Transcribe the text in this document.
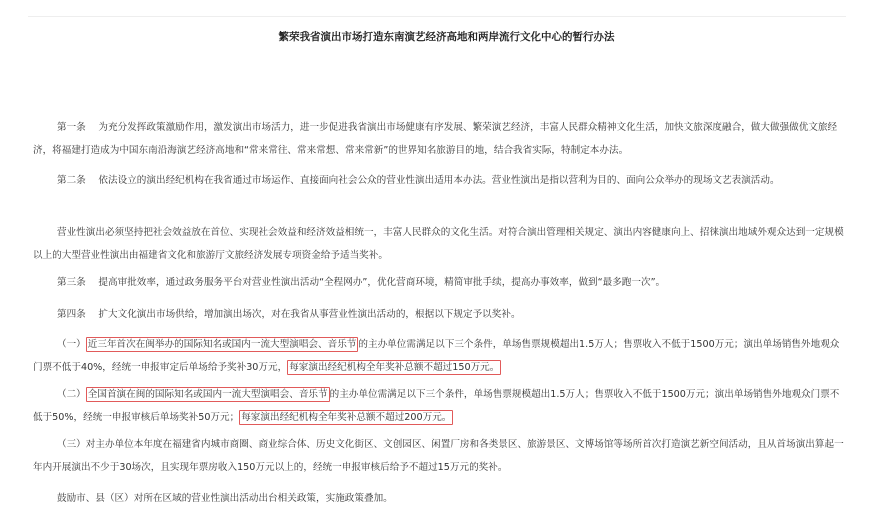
繁荣我省演出市场打造东南演艺经济高地和两岸流行文化中心的暂行办法

第一条　 为充分发挥政策激励作用，激发演出市场活力，进一步促进我省演出市场健康有序发展、繁荣演艺经济，丰富人民群众精神文化生活，加快文旅深度融合，做大做强做优文旅经济，将福建打造成为中国东南沿海演艺经济高地和“常来常往、常来常想、常来常新”的世界知名旅游目的地，结合我省实际，特制定本办法。

第二条　 依法设立的演出经纪机构在我省通过市场运作、直接面向社会公众的营业性演出适用本办法。营业性演出是指以营利为目的、面向公众举办的现场文艺表演活动。

营业性演出必须坚持把社会效益放在首位、实现社会效益和经济效益相统一，丰富人民群众的文化生活。对符合演出管理相关规定、演出内容健康向上、招徕演出地域外观众达到一定规模以上的大型营业性演出由福建省文化和旅游厅文旅经济发展专项资金给予适当奖补。

第三条　 提高审批效率，通过政务服务平台对营业性演出活动“全程网办”，优化营商环境，精简审批手续，提高办事效率，做到“最多跑一次”。

第四条　 扩大文化演出市场供给，增加演出场次，对在我省从事营业性演出活动的，根据以下规定予以奖补。

（一） 近三年首次在闽举办的国际知名或国内一流大型演唱会、音乐节 的主办单位需满足以下三个条件，单场售票规模超出1.5万人；售票收入不低于1500万元；演出单场销售外地观众门票不低于40%，经统一申报审定后单场给予奖补30万元， 每家演出经纪机构全年奖补总额不超过150万元。

（二） 全国首演在闽的国际知名或国内一流大型演唱会、音乐节 的主办单位需满足以下三个条件，单场售票规模超出1.5万人；售票收入不低于1500万元；演出单场销售外地观众门票不低于50%，经统一申报审核后单场奖补50万元； 每家演出经纪机构全年奖补总额不超过200万元。

（三）对主办单位本年度在福建省内城市商圈、商业综合体、历史文化街区、文创园区、闲置厂房和各类景区、旅游景区、文博场馆等场所首次打造演艺新空间活动，且从首场演出算起一年内开展演出不少于30场次，且实现年票房收入150万元以上的，经统一申报审核后给予不超过15万元的奖补。

鼓励市、县（区）对所在区域的营业性演出活动出台相关政策，实施政策叠加。
